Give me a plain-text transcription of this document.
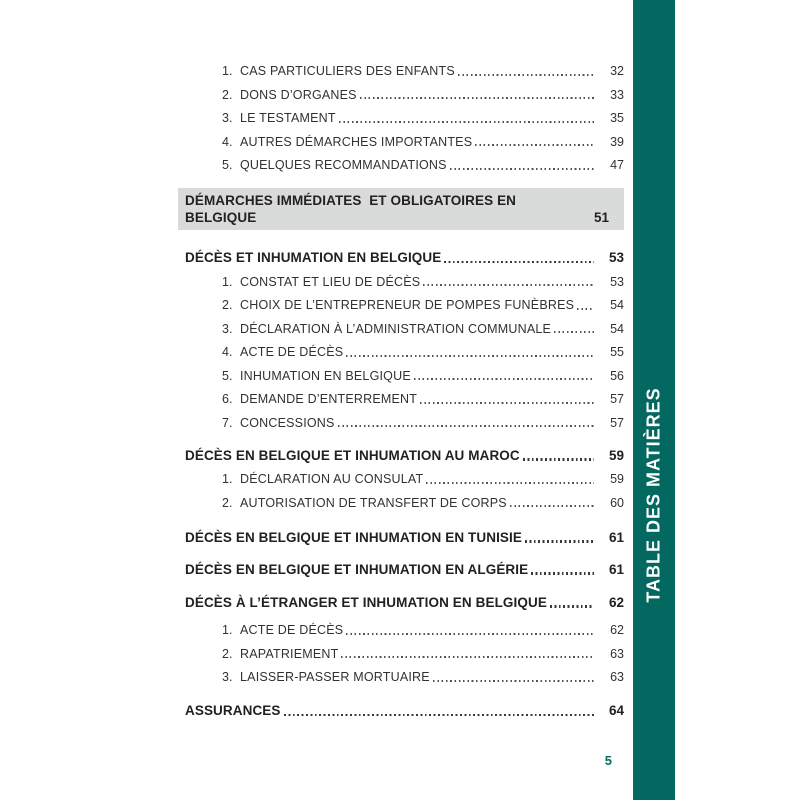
1. CAS PARTICULIERS DES ENFANTS	32
2. DONS D’ORGANES	33
3. LE TESTAMENT	35
4. AUTRES DÉMARCHES IMPORTANTES	39
5. QUELQUES RECOMMANDATIONS	47
DÉMARCHES IMMÉDIATES  ET OBLIGATOIRES EN
BELGIQUE	51
DÉCÈS ET INHUMATION EN BELGIQUE	53
1. CONSTAT ET LIEU DE DÉCÈS	53
2. CHOIX DE L’ENTREPRENEUR DE POMPES FUNÈBRES	54
3. DÉCLARATION À L’ADMINISTRATION COMMUNALE	54
4. ACTE DE DÉCÈS	55
5. INHUMATION EN BELGIQUE	56
6. DEMANDE D’ENTERREMENT	57
7. CONCESSIONS	57
DÉCÈS EN BELGIQUE ET INHUMATION AU MAROC	59
1. DÉCLARATION AU CONSULAT	59
2. AUTORISATION DE TRANSFERT DE CORPS	60
DÉCÈS EN BELGIQUE ET INHUMATION EN TUNISIE	61
DÉCÈS EN BELGIQUE ET INHUMATION EN ALGÉRIE	61
DÉCÈS À L’ÉTRANGER ET INHUMATION EN BELGIQUE	62
1. ACTE DE DÉCÈS	62
2. RAPATRIEMENT	63
3. LAISSER-PASSER MORTUAIRE	63
ASSURANCES	64
5
TABLE DES MATIÈRES
